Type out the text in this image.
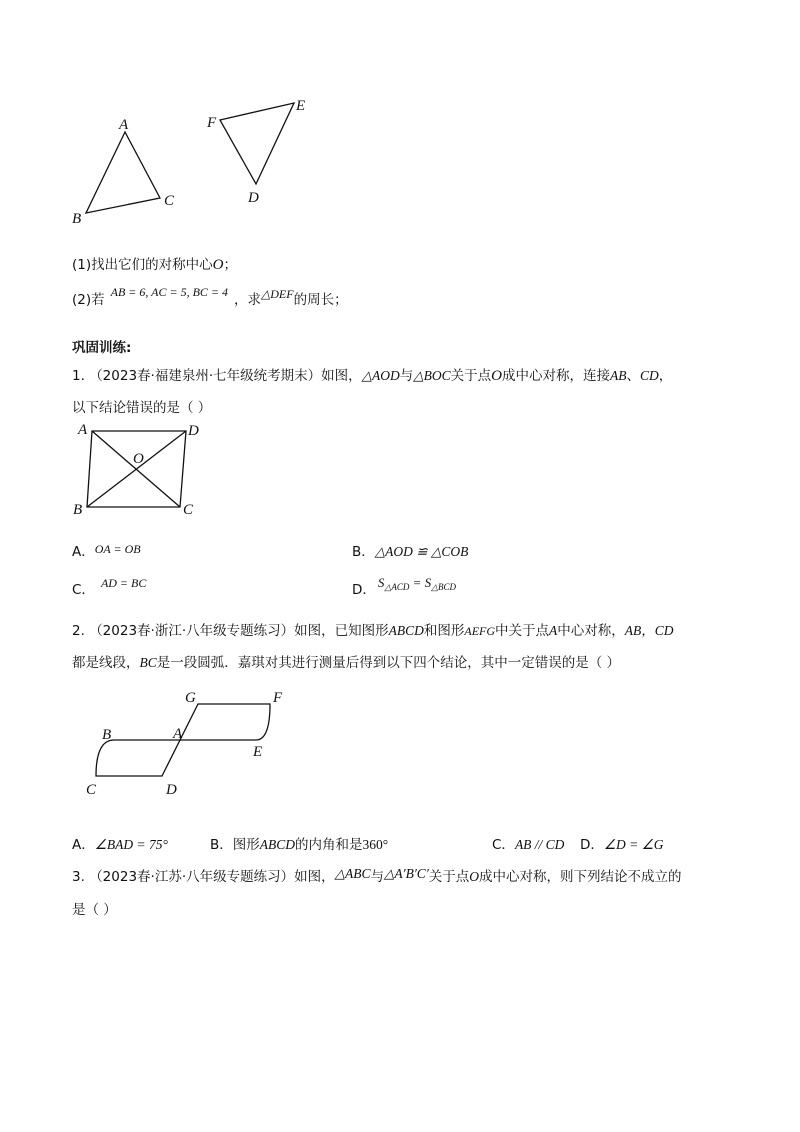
A
B
C
F
E
D
(1)找出它们的对称中心O；
(2)若 AB = 6, AC = 5, BC = 4 ，求△DEF的周长；
巩固训练:
1. （2023春·福建泉州·七年级统考期末）如图，△AOD与△BOC关于点O成中心对称，连接AB、CD，
以下结论错误的是（ ）
A	D
O
B	C
A．OA = OB	B．△AOD ≌ △COB
C． AD = BC	D． $S_{\triangle ACD} = S_{\triangle BCD}$
2. （2023春·浙江·八年级专题练习）如图，已知图形ABCD和图形AEFG中关于点A中心对称，AB，CD
都是线段，BC是一段圆弧．嘉琪对其进行测量后得到以下四个结论，其中一定错误的是（ ）
G	F
B	A
E
C	D
A．∠BAD = 75°	B．图形ABCD的内角和是360°	C．AB // CD D．∠D = ∠G
3. （2023春·江苏·八年级专题练习）如图，△ABC与△A′B′C′关于点O成中心对称，则下列结论不成立的
是（ ）
